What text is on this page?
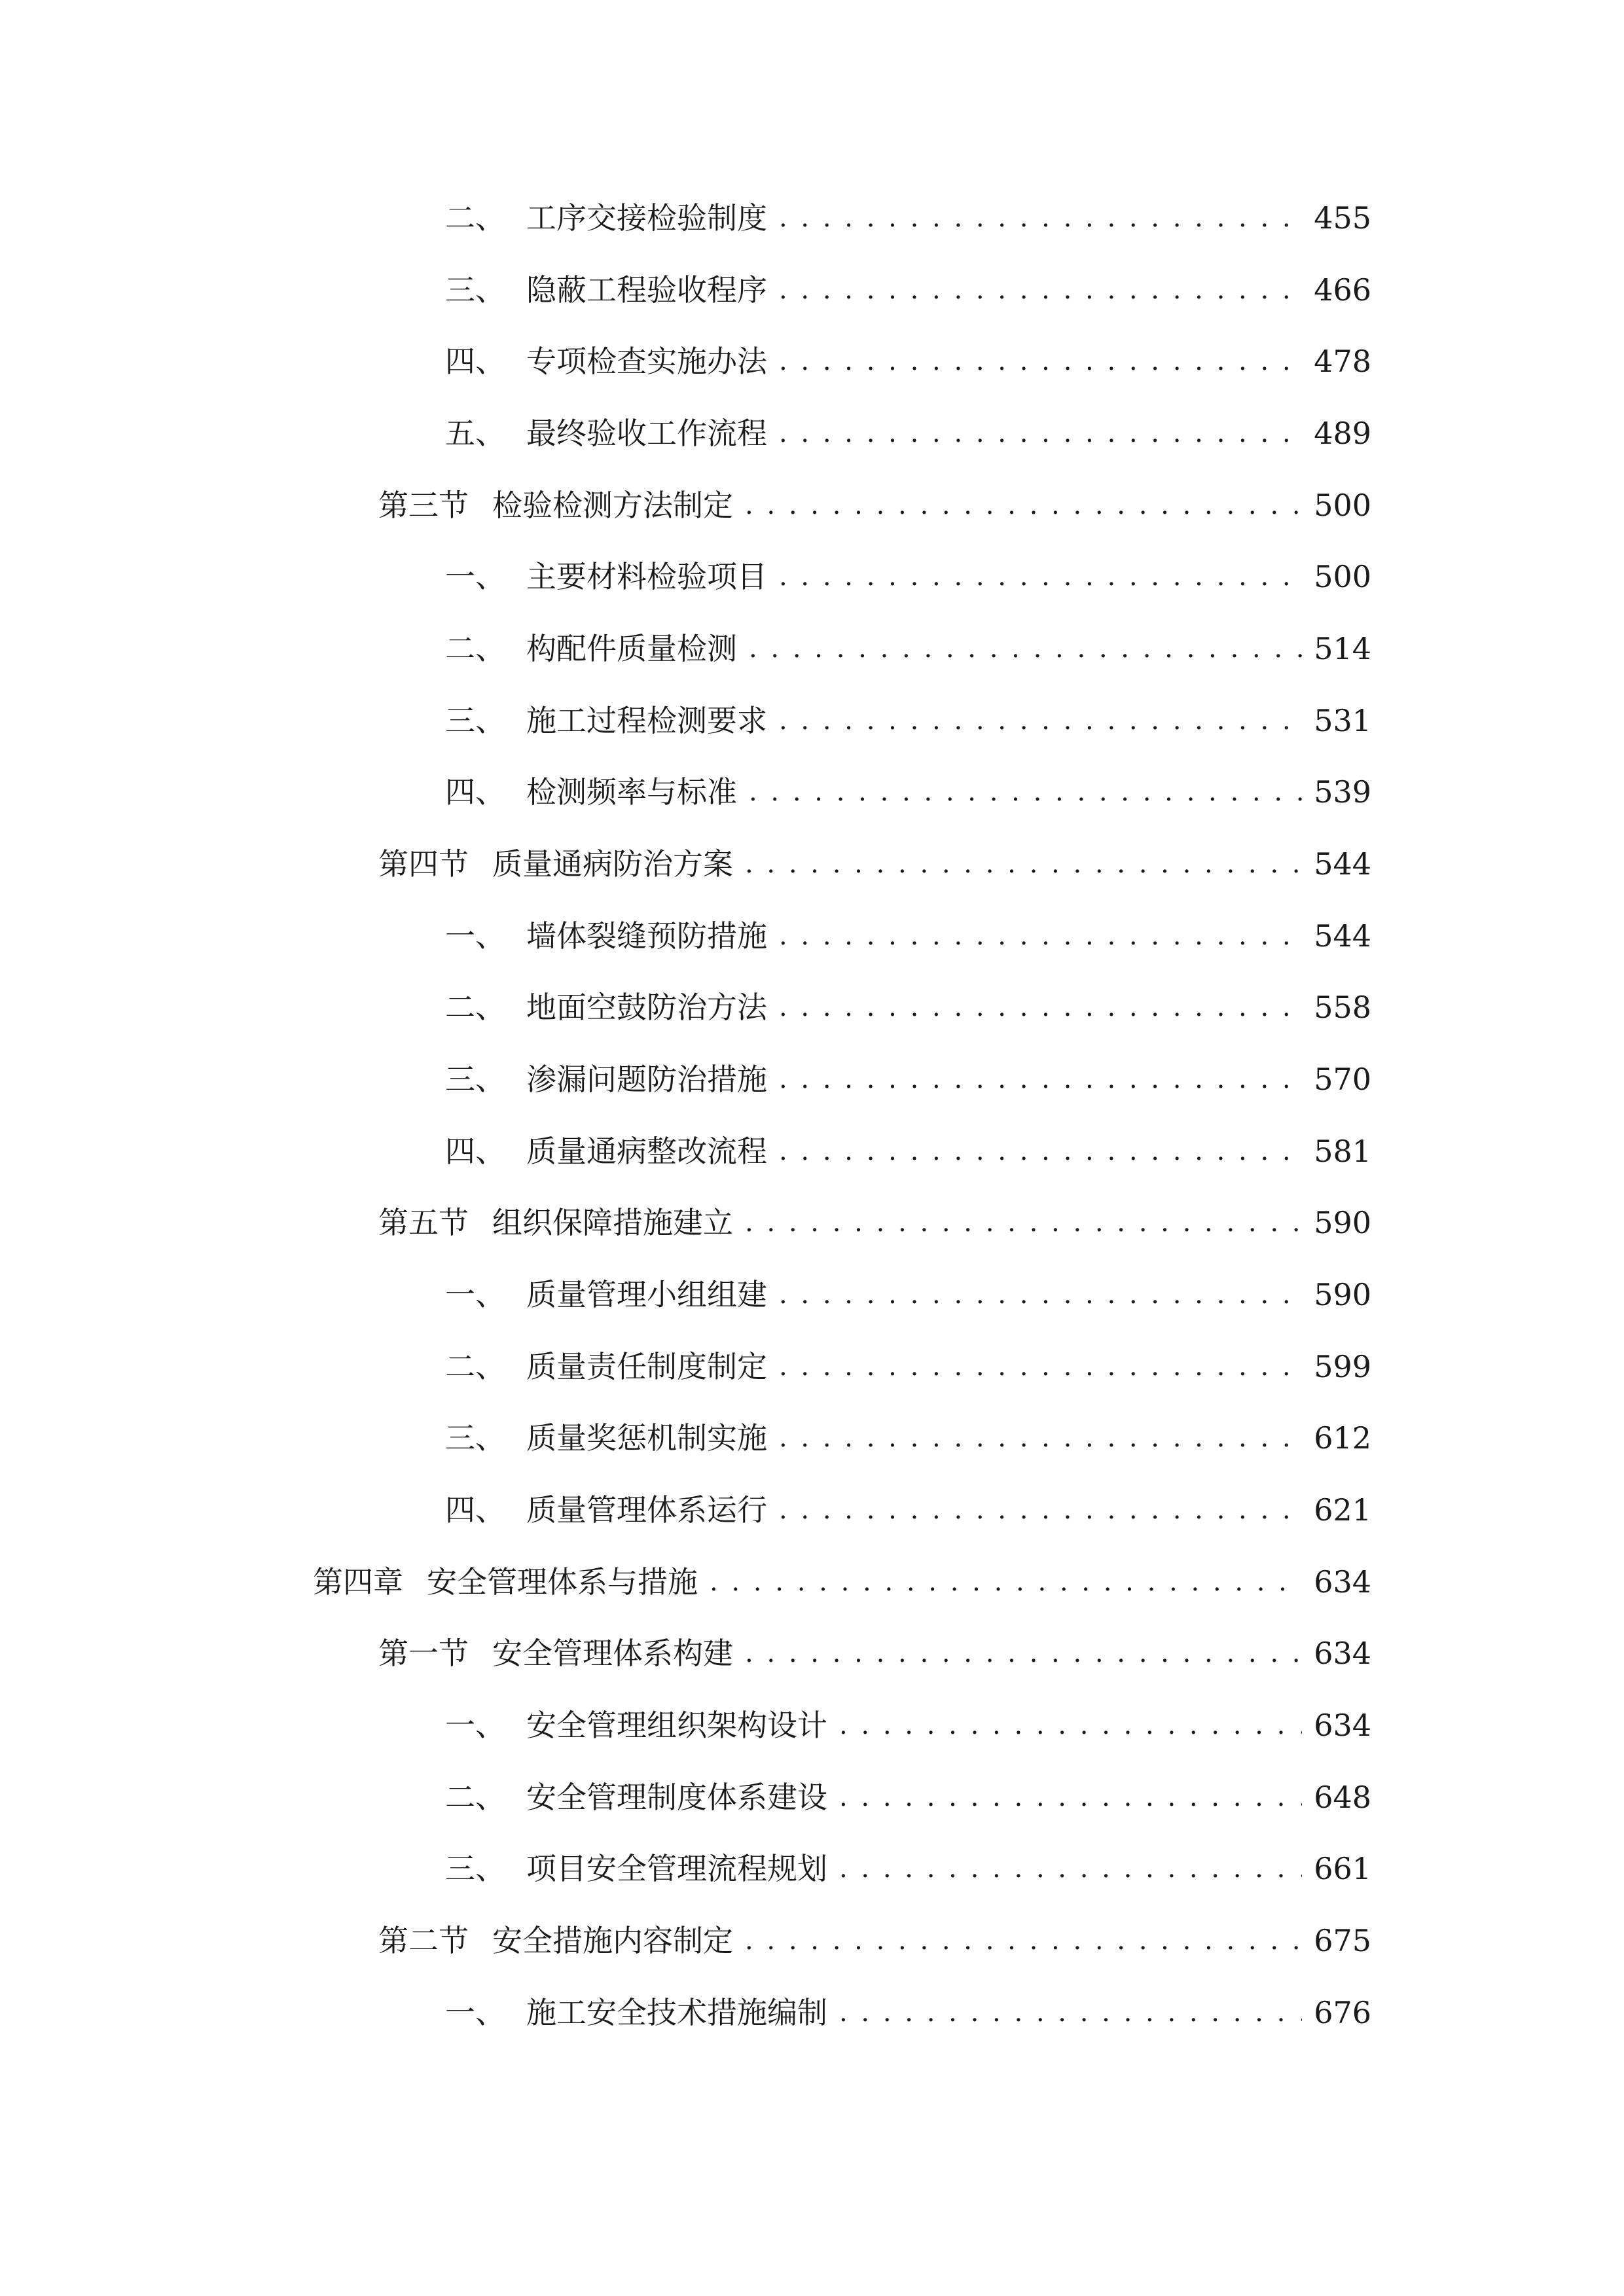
二、 工序交接检验制度 . . .	455
三、 隐蔽工程验收程序 . . .	466
四、 专项检查实施办法 . . .	478
五、 最终验收工作流程 . . .	489
第三节 检验检测方法制定 . . .	500
一、 主要材料检验项目 . . .	500
二、 构配件质量检测 . . .	514
三、 施工过程检测要求 . . .	531
四、 检测频率与标准 . . .	539
第四节 质量通病防治方案 . . .	544
一、 墙体裂缝预防措施 . . .	544
二、 地面空鼓防治方法 . . .	558
三、 渗漏问题防治措施 . . .	570
四、 质量通病整改流程 . . .	581
第五节 组织保障措施建立 . . .	590
一、 质量管理小组组建 . . .	590
二、 质量责任制度制定 . . .	599
三、 质量奖惩机制实施 . . .	612
四、 质量管理体系运行 . . .	621
第四章 安全管理体系与措施 . . .	634
第一节 安全管理体系构建 . . .	634
一、 安全管理组织架构设计 . . .	634
二、 安全管理制度体系建设 . . .	648
三、 项目安全管理流程规划 . . .	661
第二节 安全措施内容制定 . . .	675
一、 施工安全技术措施编制 . . .	676
